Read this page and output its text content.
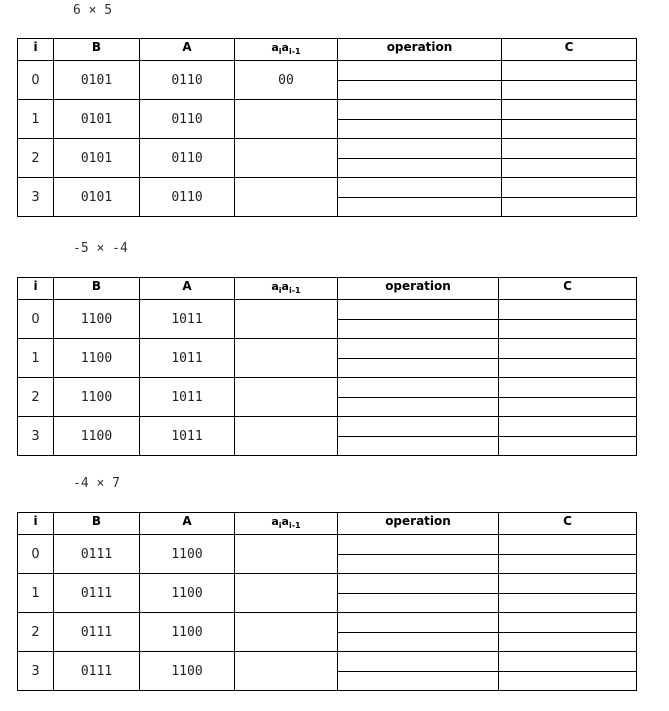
6 × 5
i	B	A	$a_ia_{i-1}$	operation	C
0	0101	0110	00	

1	0101	0110		

2	0101	0110		

3	0101	0110		

-5 × -4
i	B	A	$a_ia_{i-1}$	operation	C
0	1100	1011		

1	1100	1011		

2	1100	1011		

3	1100	1011		

-4 × 7
i	B	A	$a_ia_{i-1}$	operation	C
0	0111	1100		

1	0111	1100		

2	0111	1100		

3	0111	1100		
